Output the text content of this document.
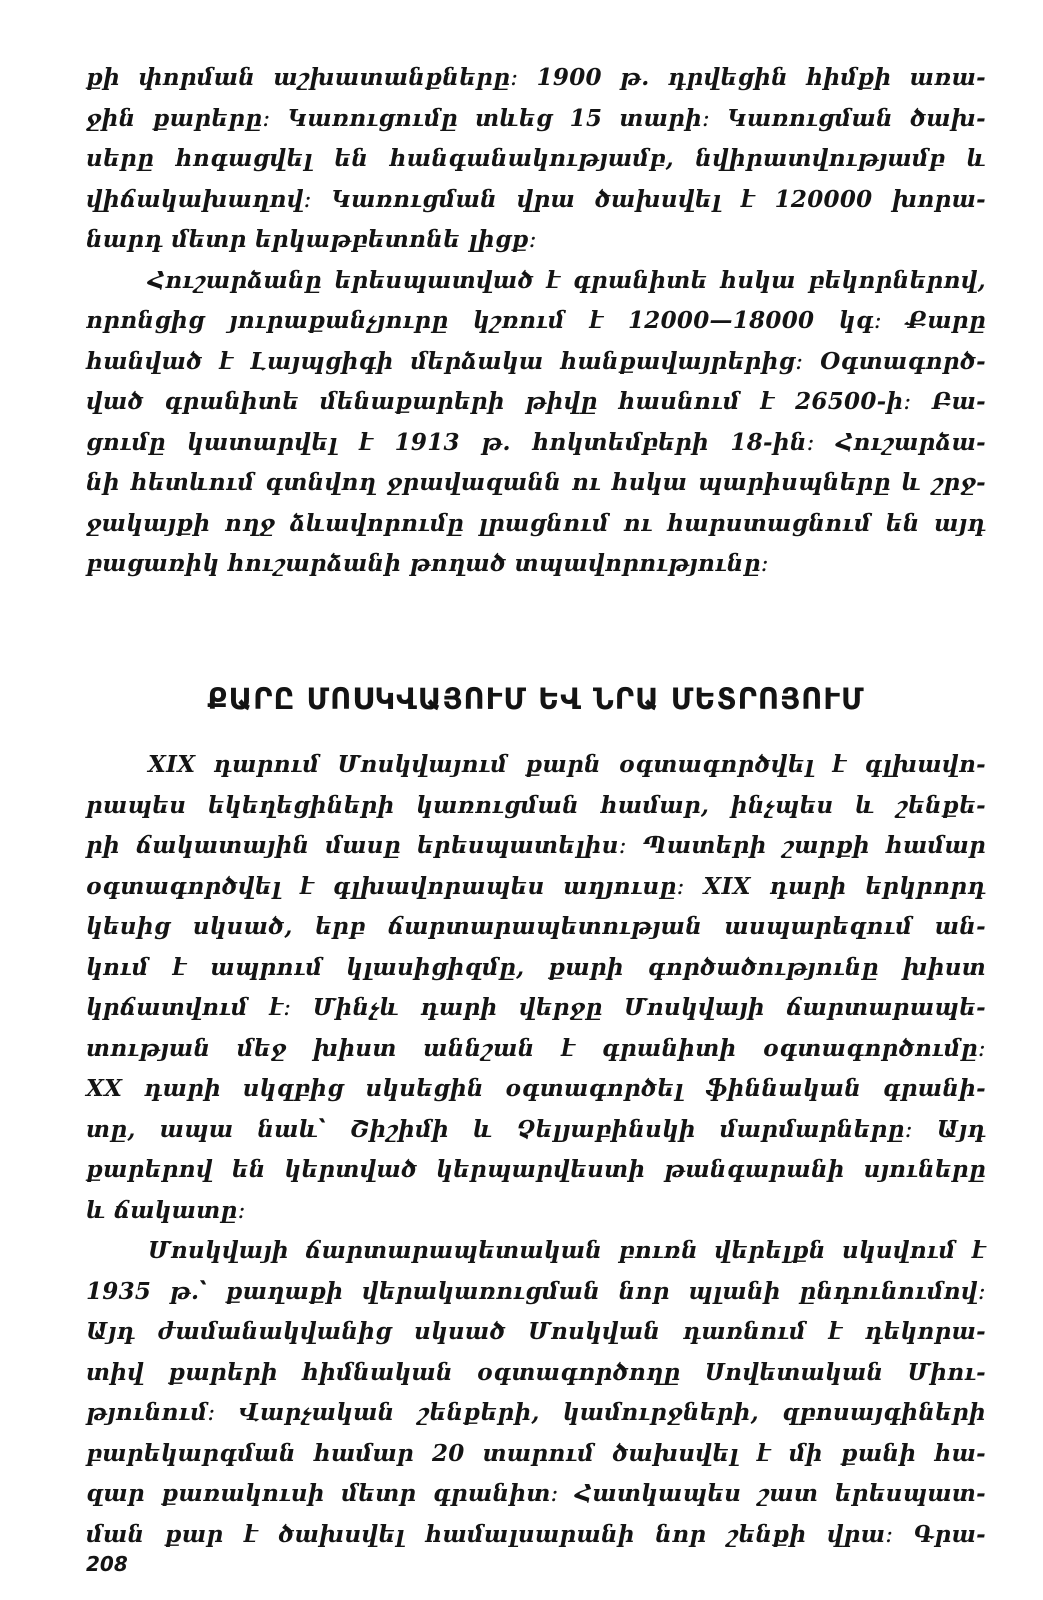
քի փորման աշխատանքները։ 1900 թ. դրվեցին հիմքի առա-
ջին քարերը։ Կառուցումը տևեց 15 տարի։ Կառուցման ծախ-
սերը հոգացվել են հանգանակությամբ, նվիրատվությամբ և
վիճակախաղով։ Կառուցման վրա ծախսվել է 120000 խորա-
նարդ մետր երկաթբետոնե լիցք։
Հուշարձանը երեսպատված է գրանիտե հսկա բեկորներով,
որոնցից յուրաքանչյուրը կշռում է 12000—18000 կգ։ Քարը
հանված է Լայպցիգի մերձակա հանքավայրերից։ Օգտագործ-
ված գրանիտե մենաքարերի թիվը հասնում է 26500-ի։ Բա-
ցումը կատարվել է 1913 թ. հոկտեմբերի 18-ին։ Հուշարձա-
նի հետևում գտնվող ջրավազանն ու հսկա պարիսպները և շրջ-
ջակայքի ողջ ձևավորումը լրացնում ու հարստացնում են այդ
բացառիկ հուշարձանի թողած տպավորությունը։
ՔԱՐԸ ՄՈՍԿՎԱՅՈՒՄ ԵՎ ՆՐԱ ՄԵՏՐՈՅՈՒՄ
XIX դարում Մոսկվայում քարն օգտագործվել է գլխավո-
րապես եկեղեցիների կառուցման համար, ինչպես և շենքե-
րի ճակատային մասը երեսպատելիս։ Պատերի շարքի համար
օգտագործվել է գլխավորապես աղյուսը։ XIX դարի երկրորդ
կեսից սկսած, երբ ճարտարապետության ասպարեզում ան-
կում է ապրում կլասիցիզմը, քարի գործածությունը խիստ
կրճատվում է։ Մինչև դարի վերջը Մոսկվայի ճարտարապե-
տության մեջ խիստ աննշան է գրանիտի օգտագործումը։
XX դարի սկզբից սկսեցին օգտագործել ֆիննական գրանի-
տը, ապա նաև՝ Շիշիմի և Չելյաբինսկի մարմարները։ Այդ
քարերով են կերտված կերպարվեստի թանգարանի սյուները
և ճակատը։
Մոսկվայի ճարտարապետական բուռն վերելքն սկսվում է
1935 թ.՝ քաղաքի վերակառուցման նոր պլանի ընդունումով։
Այդ ժամանակվանից սկսած Մոսկվան դառնում է դեկորա-
տիվ քարերի հիմնական օգտագործողը Սովետական Միու-
թյունում։ Վարչական շենքերի, կամուրջների, զբոսայգիների
բարեկարգման համար 20 տարում ծախսվել է մի քանի հա-
զար քառակուսի մետր գրանիտ։ Հատկապես շատ երեսպատ-
ման քար է ծախսվել համալսարանի նոր շենքի վրա։ Գրա-
208
